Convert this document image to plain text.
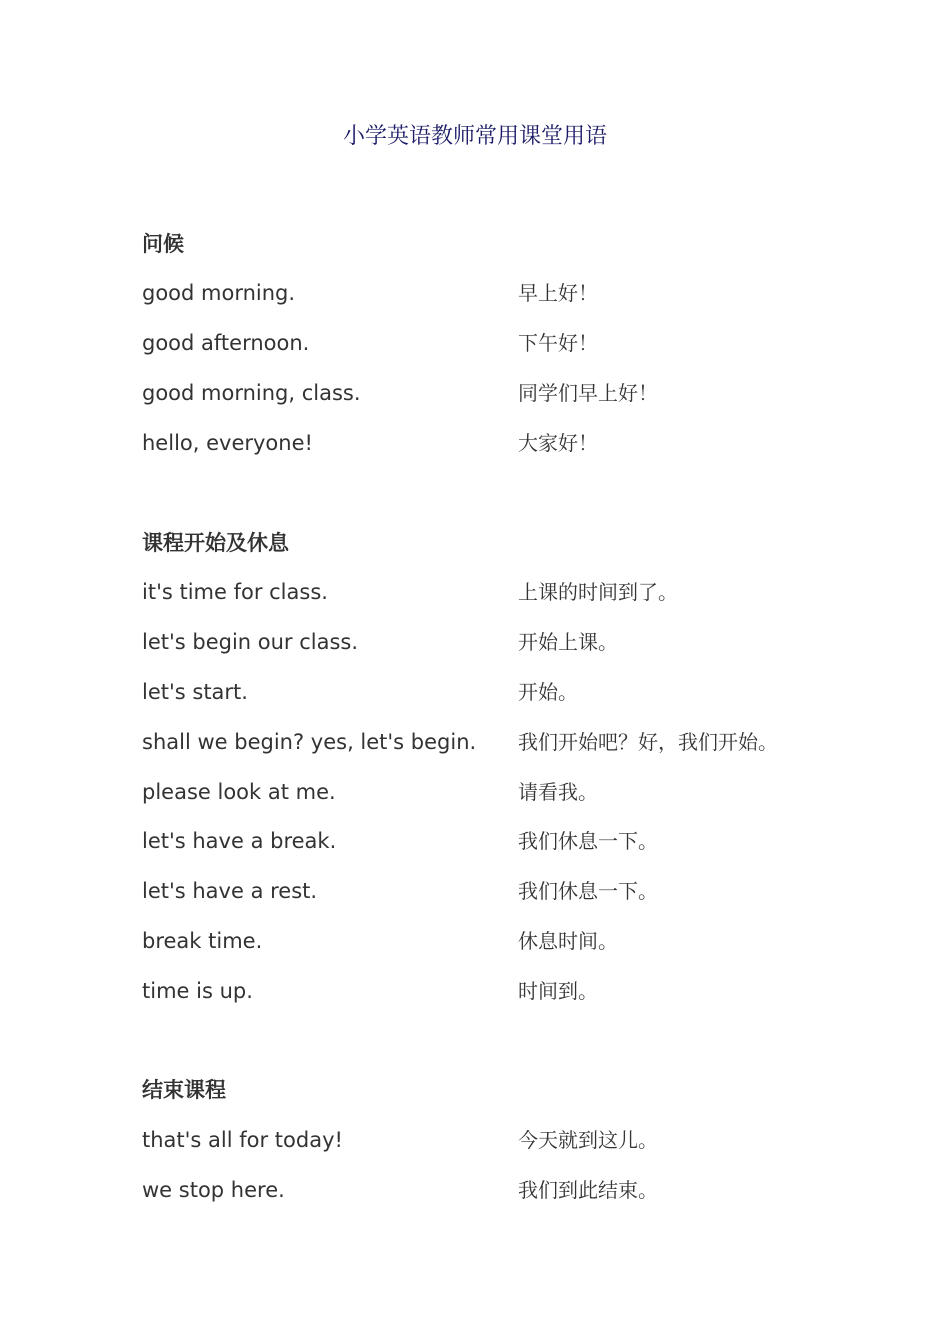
小学英语教师常用课堂用语
问候
good morning.	早上好！
good afternoon.	下午好！
good morning, class.	同学们早上好！
hello, everyone!	大家好！
课程开始及休息
it's time for class.	上课的时间到了。
let's begin our class.	开始上课。
let's start.	开始。
shall we begin? yes, let's begin. 我们开始吧？好，我们开始。
please look at me.	请看我。
let's have a break.	我们休息一下。
let's have a rest.	我们休息一下。
break time.	休息时间。
time is up.	时间到。
结束课程
that's all for today!	今天就到这儿。
we stop here.	我们到此结束。
